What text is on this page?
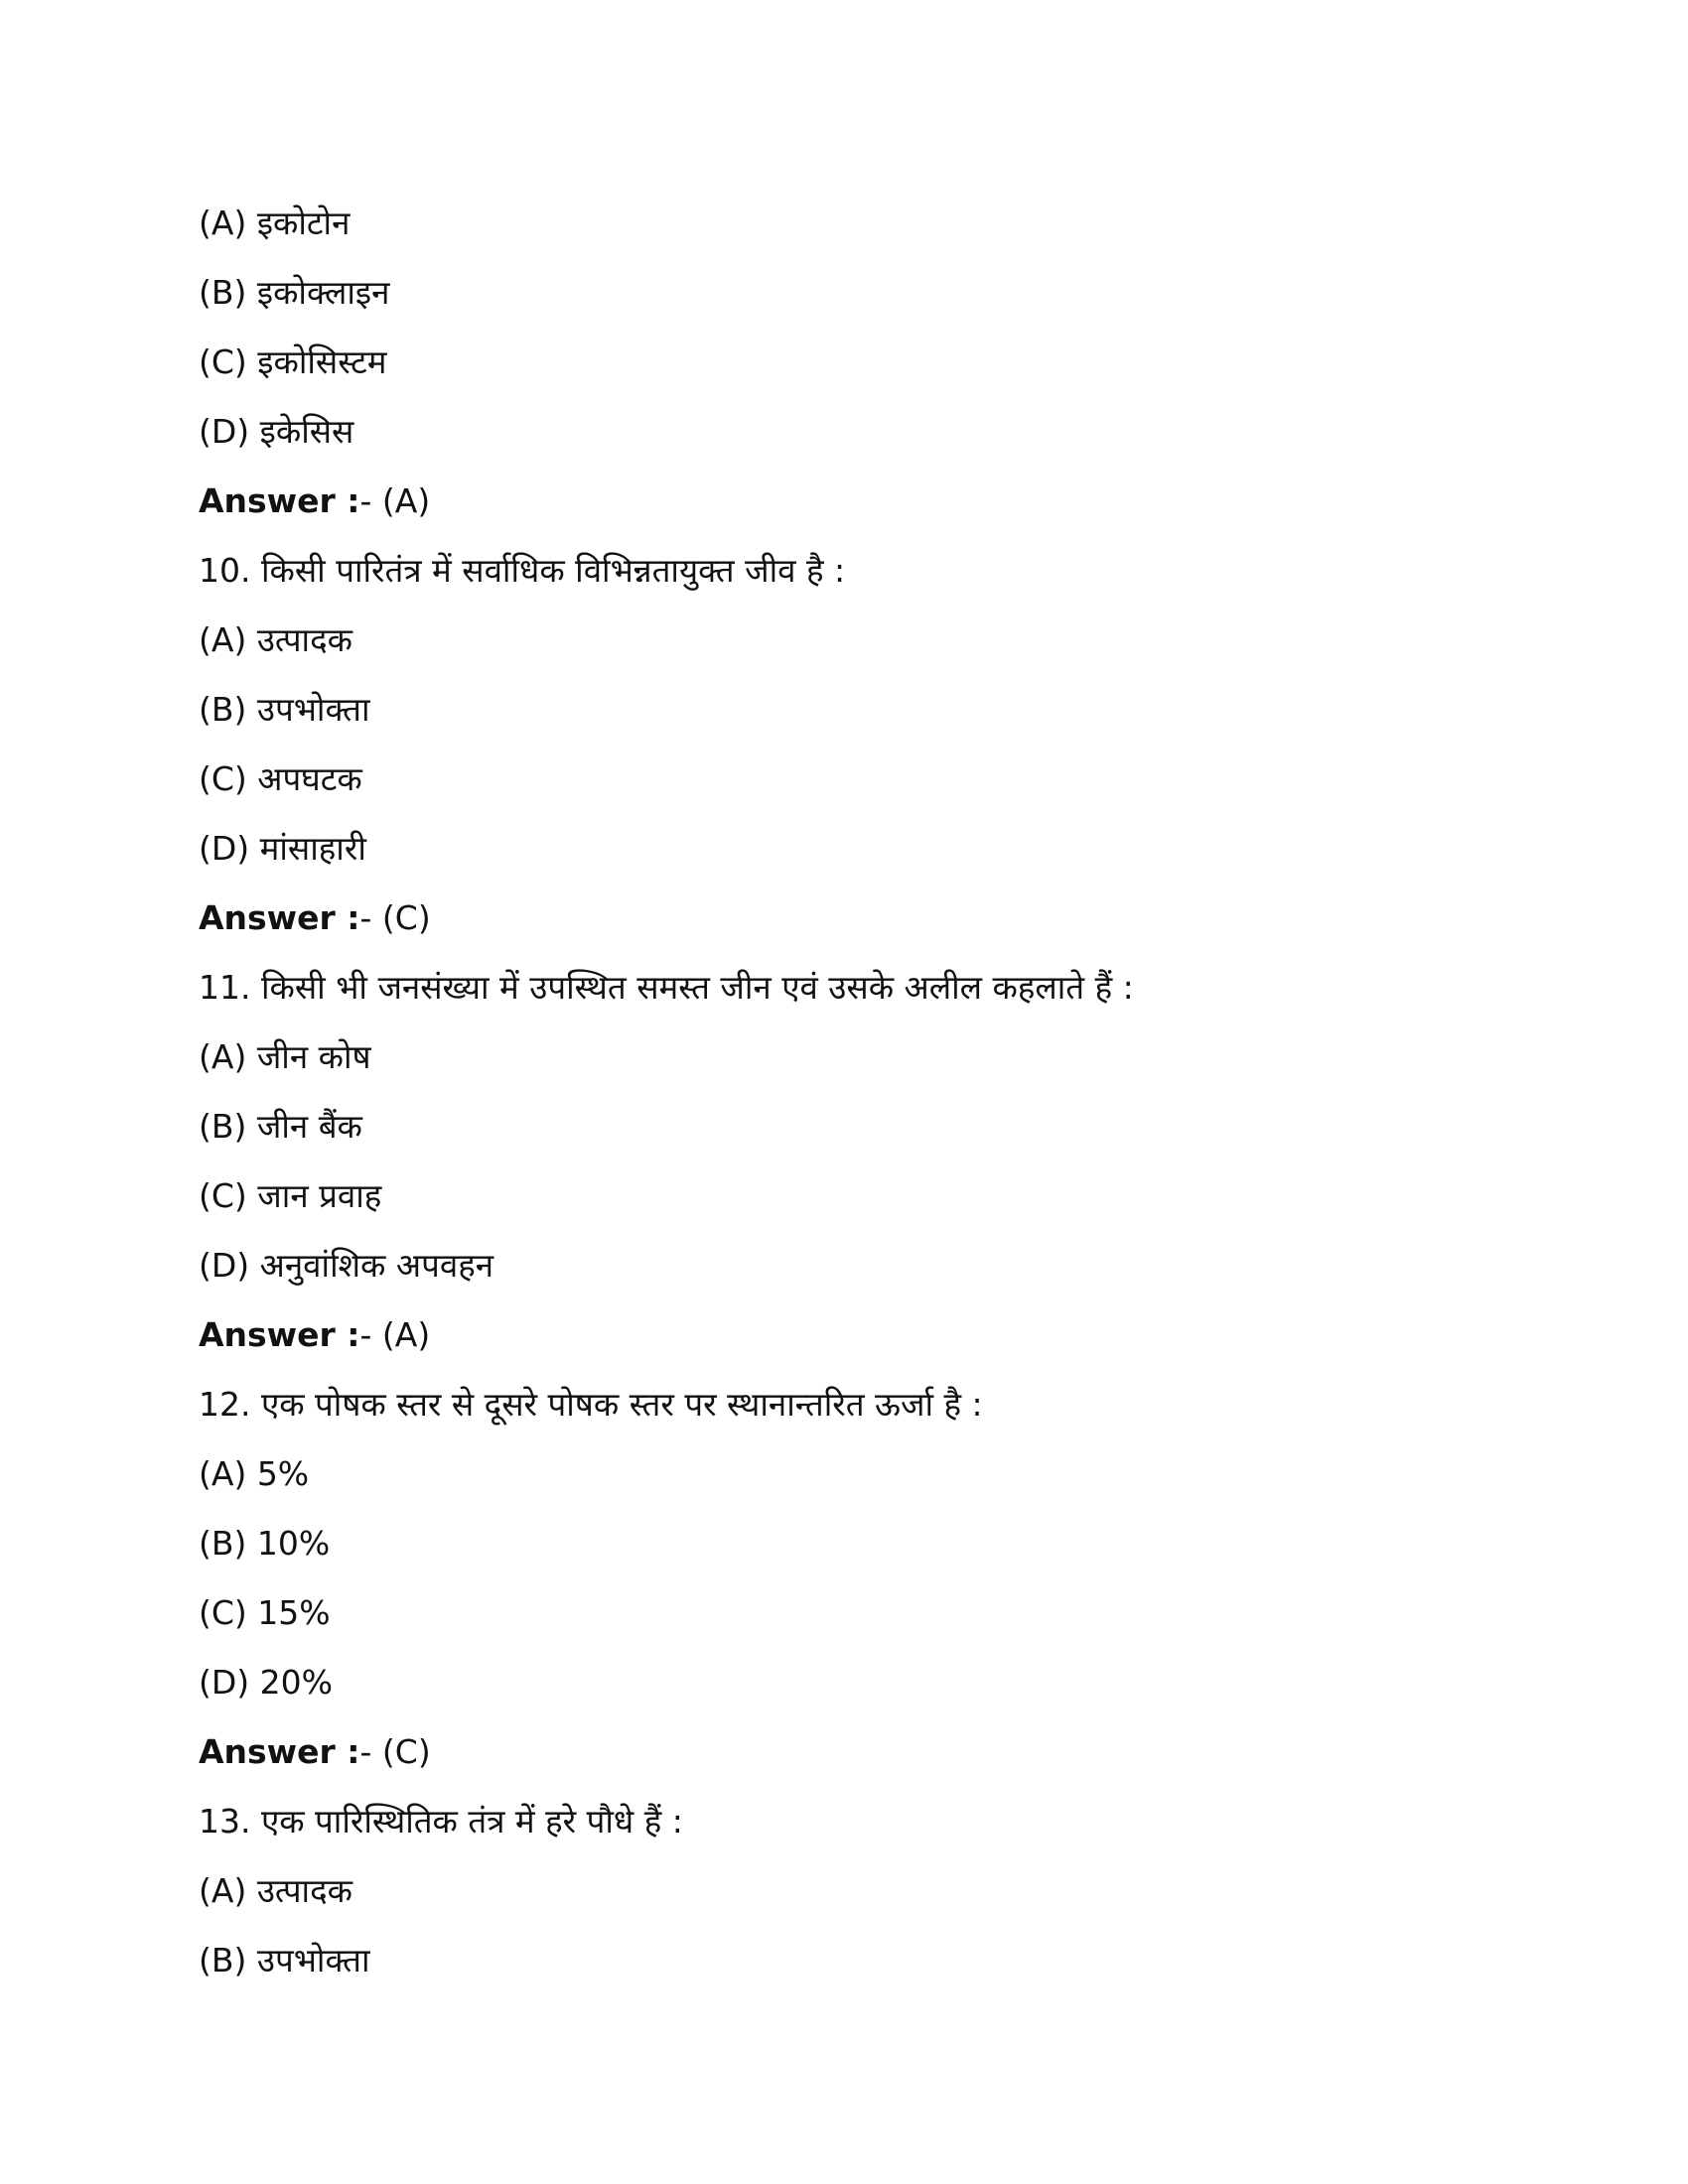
(A) इकोटोन
(B) इकोक्लाइन
(C) इकोसिस्टम
(D) इकेसिस
Answer :- (A)
10. किसी पारितंत्र में सर्वाधिक विभिन्नतायुक्त जीव है :
(A) उत्पादक
(B) उपभोक्ता
(C) अपघटक
(D) मांसाहारी
Answer :- (C)
11. किसी भी जनसंख्या में उपस्थित समस्त जीन एवं उसके अलील कहलाते हैं :
(A) जीन कोष
(B) जीन बैंक
(C) जान प्रवाह
(D) अनुवांशिक अपवहन
Answer :- (A)
12. एक पोषक स्तर से दूसरे पोषक स्तर पर स्थानान्तरित ऊर्जा है :
(A) 5%
(B) 10%
(C) 15%
(D) 20%
Answer :- (C)
13. एक पारिस्थितिक तंत्र में हरे पौधे हैं :
(A) उत्पादक
(B) उपभोक्ता
